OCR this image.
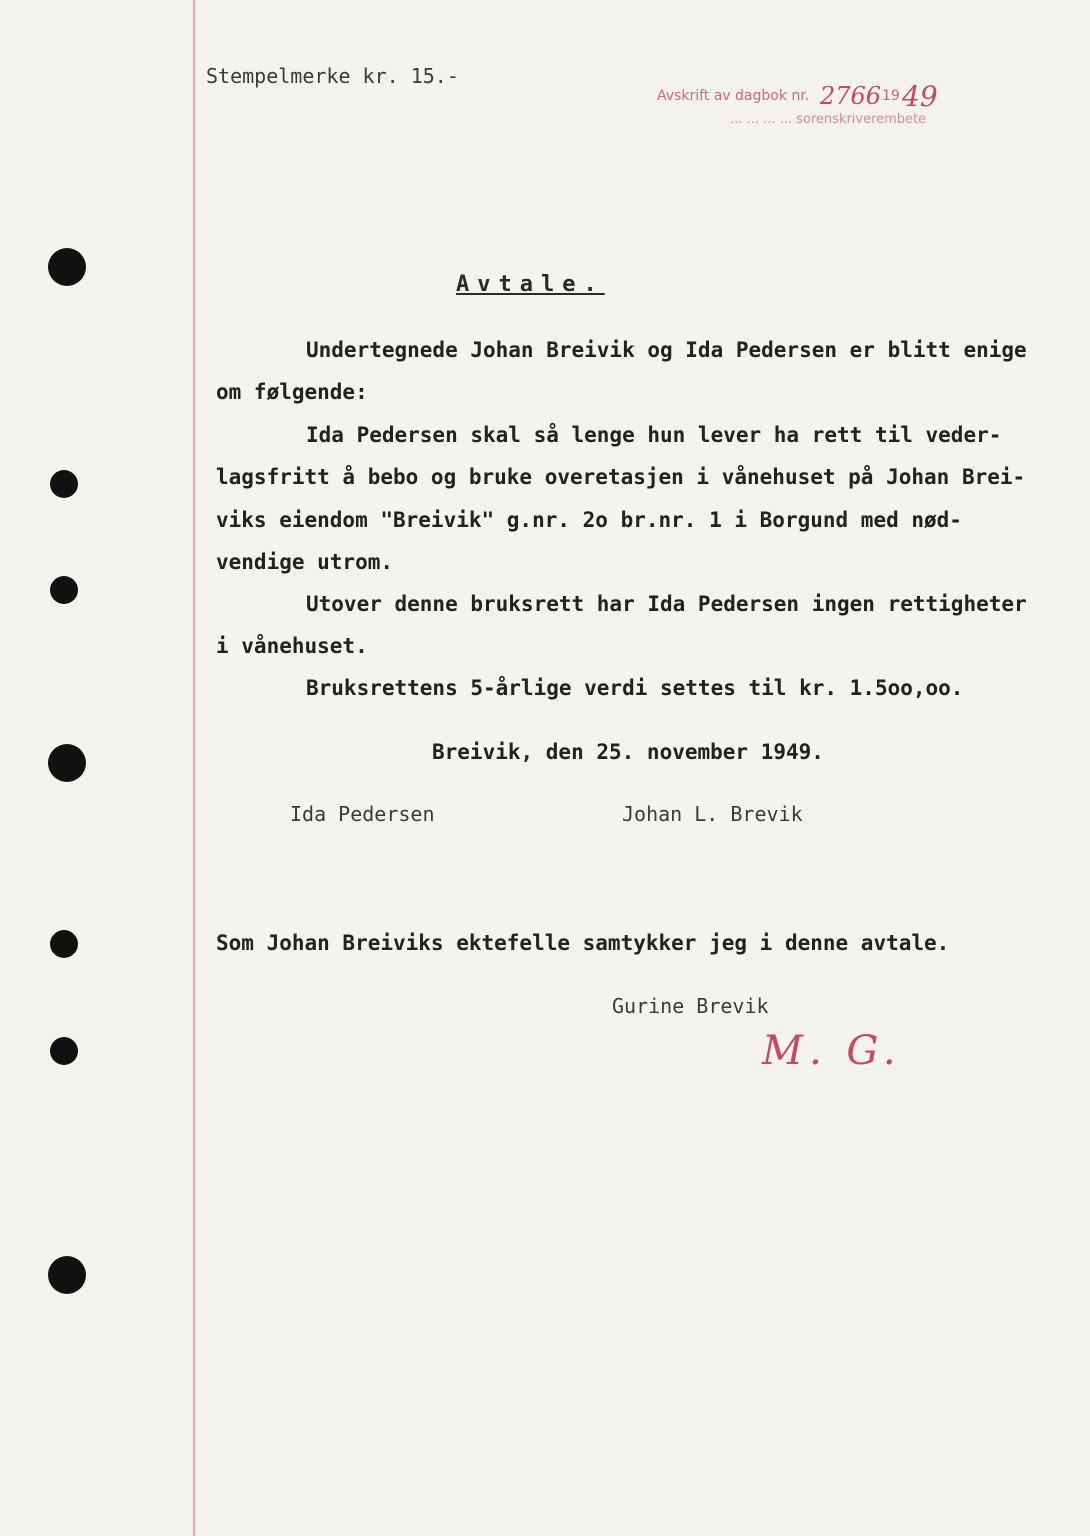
Stempelmerke kr. 15.-
Avskrift av dagbok nr. 2766 19 49
... ... ... ... sorenskriverembete
Avtale.
Undertegnede Johan Breivik og Ida Pedersen er blitt enige
om følgende:
Ida Pedersen skal så lenge hun lever ha rett til veder-
lagsfritt å bebo og bruke overetasjen i vånehuset på Johan Brei-
viks eiendom "Breivik" g.nr. 2o br.nr. 1 i Borgund med nød-
vendige utrom.
Utover denne bruksrett har Ida Pedersen ingen rettigheter
i vånehuset.
Bruksrettens 5-årlige verdi settes til kr. 1.5oo,oo.
Breivik, den 25. november 1949.
Ida Pedersen	Johan L. Brevik
Som Johan Breiviks ektefelle samtykker jeg i denne avtale.
Gurine Brevik
M. G.
